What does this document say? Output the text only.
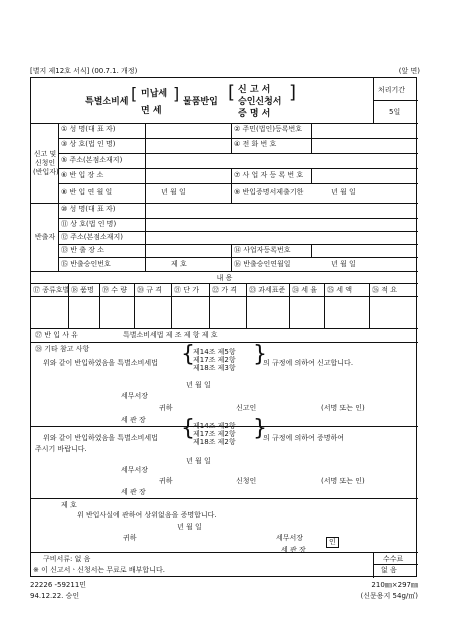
[별지 제12호 서식] (00.7.1. 개정)	(앞 면)
특별소비세 [ 미납세
면 세
] 물품반입 [ 신 고 서
승인신청서
증 명 서
]	처리기간
5일
신고 및
신청인
(반입자)
① 성 명(대 표 자)	② 주민(법인)등록번호
③ 상 호(법 인 명)	④ 전 화 번 호
⑤ 주소(본점소재지)
⑥ 반 입 장 소	⑦ 사 업 자 등 록 번 호
⑧ 반 입 연 월 일	년 월 일	⑨ 반입증명서제출기한	년 월 일
반출자
⑩ 성 명(대 표 자)
⑪ 상 호(법 인 명)
⑫ 주소(본점소재지)
⑬ 반 출 장 소	⑭ 사업자등록번호
⑮ 반출승인번호	제 호	⑯ 반출승인연월일	년 월 일
내 용
⑰ 종류호별 ⑱ 품명 ⑲ 수 량 ⑳ 규 격 ㉑ 단 가 ㉒ 가 격 ㉓ 과세표준 ㉔ 세 율 ㉕ 세 액	㉖ 적 요
㉗ 반 입 사 유	특별소비세법 제 조 제 항 제 호
㉘ 기타 참고 사항
위와 같이 반입하였음을 특별소비세법 {
제14조 제5항
제17조 제2항
제18조 제3항
}
의 규정에 의하여 신고합니다.
년 월 일
세무서장
귀하	신고인	(서명 또는 인)
세 관 장
위와 같이 반입하였음을 특별소비세법 {
제14조 제2항
제17조 제2항
제18조 제2항
}
의 규정에 의하여 증명하여
주시기 바랍니다.
년 월 일
세무서장
귀하	신청인	(서명 또는 인)
세 관 장
제 호
위 반입사실에 관하여 상위없음을 증명합니다.
년 월 일
귀하	세무서장
세 관 장
인
구비서류: 없 음
※ 이 신고서ㆍ신청서는 무료로 배부합니다.
수수료
없 음
22226 -59211민
94.12.22. 승인
210㎜×297㎜
(신문용지 54g/㎡)
